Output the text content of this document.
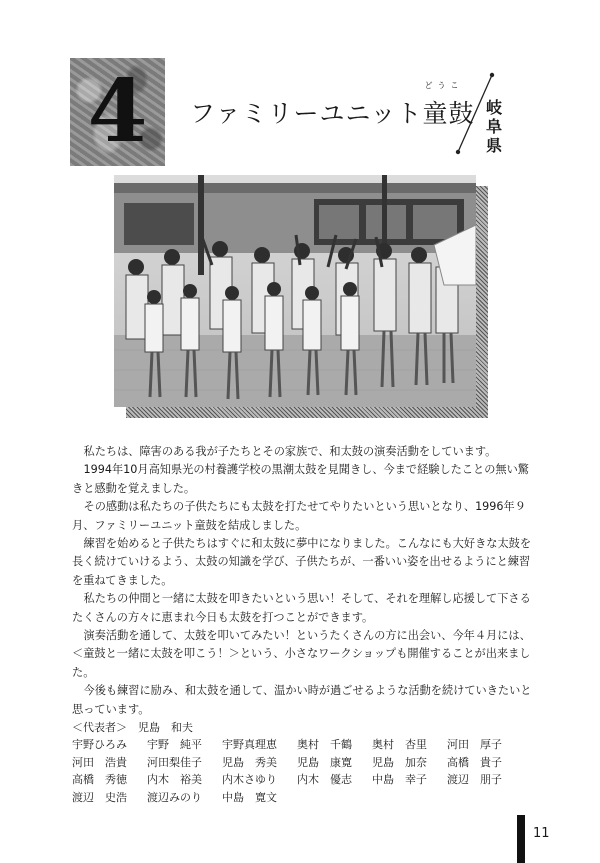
4	ファミリーユニット
どうこ
童鼓 岐阜県

私たちは、障害のある我が子たちとその家族で、和太鼓の演奏活動をしています。

1994年10月高知県光の村養護学校の黒潮太鼓を見聞きし、今まで経験したことの無い驚きと感動を覚えました。

その感動は私たちの子供たちにも太鼓を打たせてやりたいという思いとなり、1996年９月、ファミリーユニット童鼓を結成しました。

練習を始めると子供たちはすぐに和太鼓に夢中になりました。こんなにも大好きな太鼓を長く続けていけるよう、太鼓の知識を学び、子供たちが、一番いい姿を出せるようにと練習を重ねてきました。

私たちの仲間と一緒に太鼓を叩きたいという思い！そして、それを理解し応援して下さるたくさんの方々に恵まれ今日も太鼓を打つことができます。

演奏活動を通して、太鼓を叩いてみたい！というたくさんの方に出会い、今年４月には、＜童鼓と一緒に太鼓を叩こう！＞という、小さなワークショップも開催することが出来ました。

今後も練習に励み、和太鼓を通して、温かい時が過ごせるような活動を続けていきたいと思っています。

＜代表者＞　児島　和夫
宇野ひろみ 宇野　純平 宇野真理恵 奥村　千鶴 奥村　杏里 河田　厚子
河田　浩貴 河田梨佳子 児島　秀美 児島　康寛 児島　加奈 高橋　貴子
高橋　秀徳 内木　裕美 内木さゆり 内木　優志 中島　幸子 渡辺　朋子
渡辺　史浩 渡辺みのり 中島　寛文
11
